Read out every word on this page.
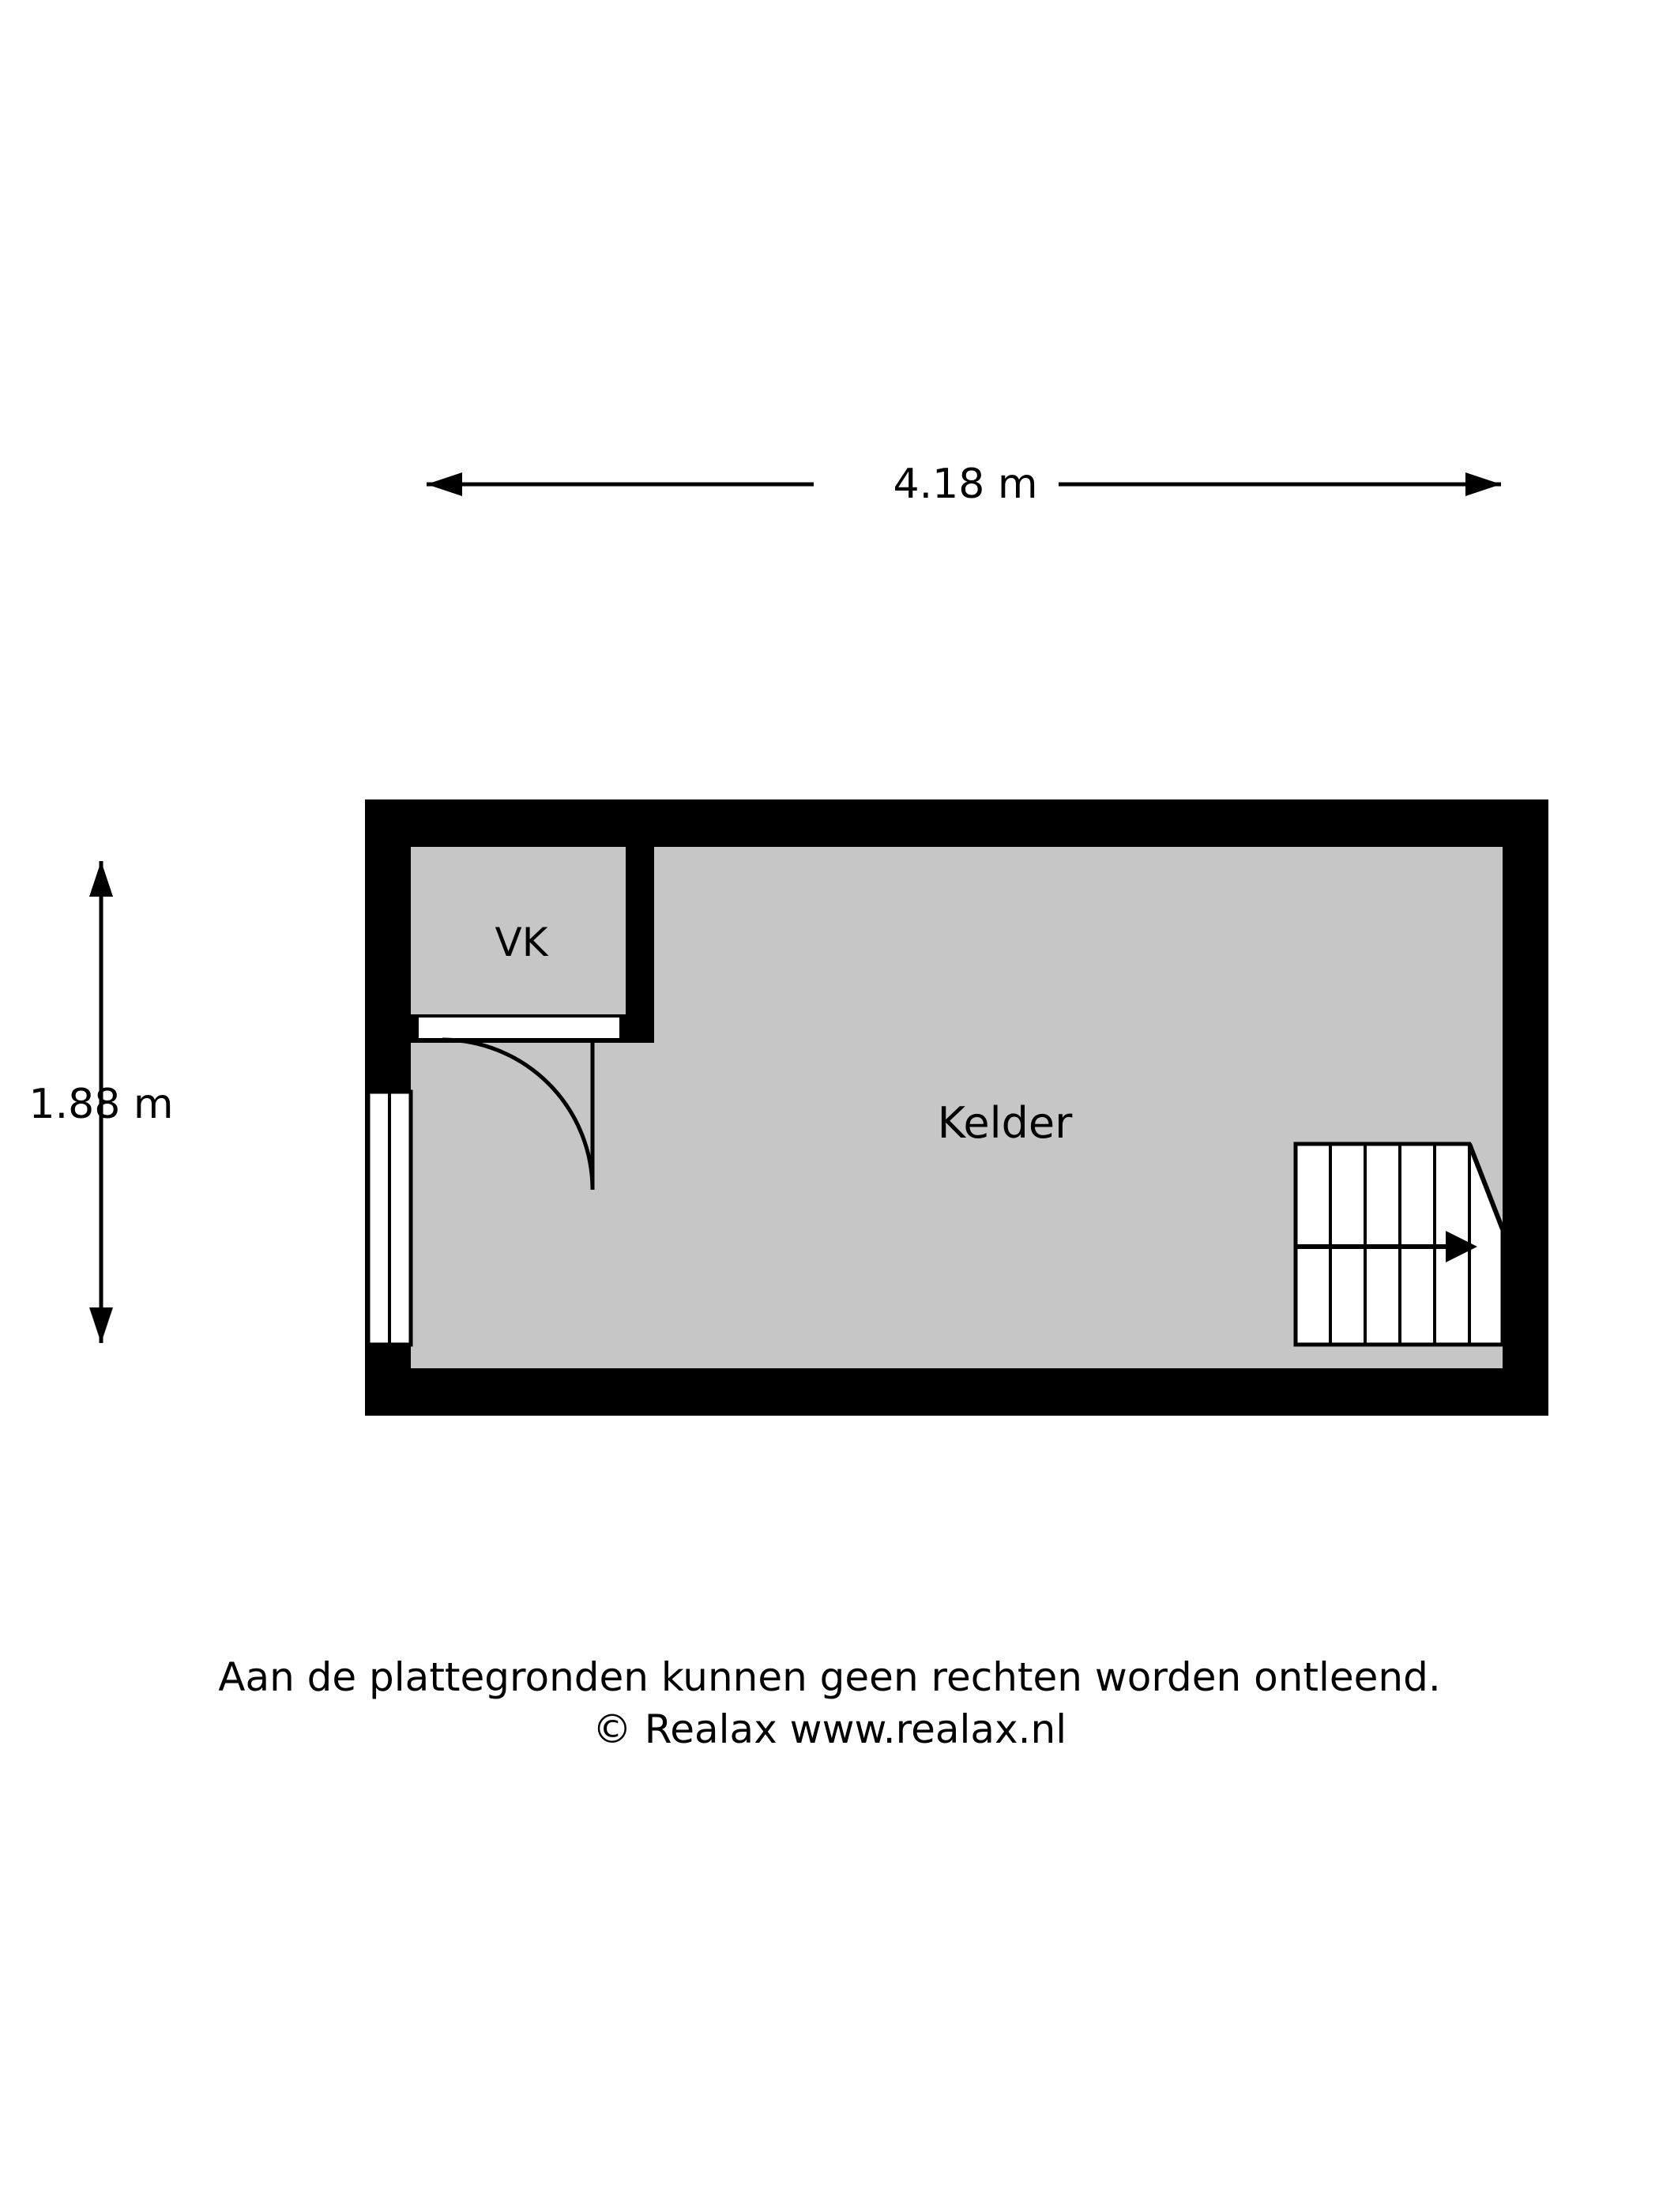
4.18 m
1.88 m
VK
Kelder
Aan de plattegronden kunnen geen rechten worden ontleend.
© Realax www.realax.nl
